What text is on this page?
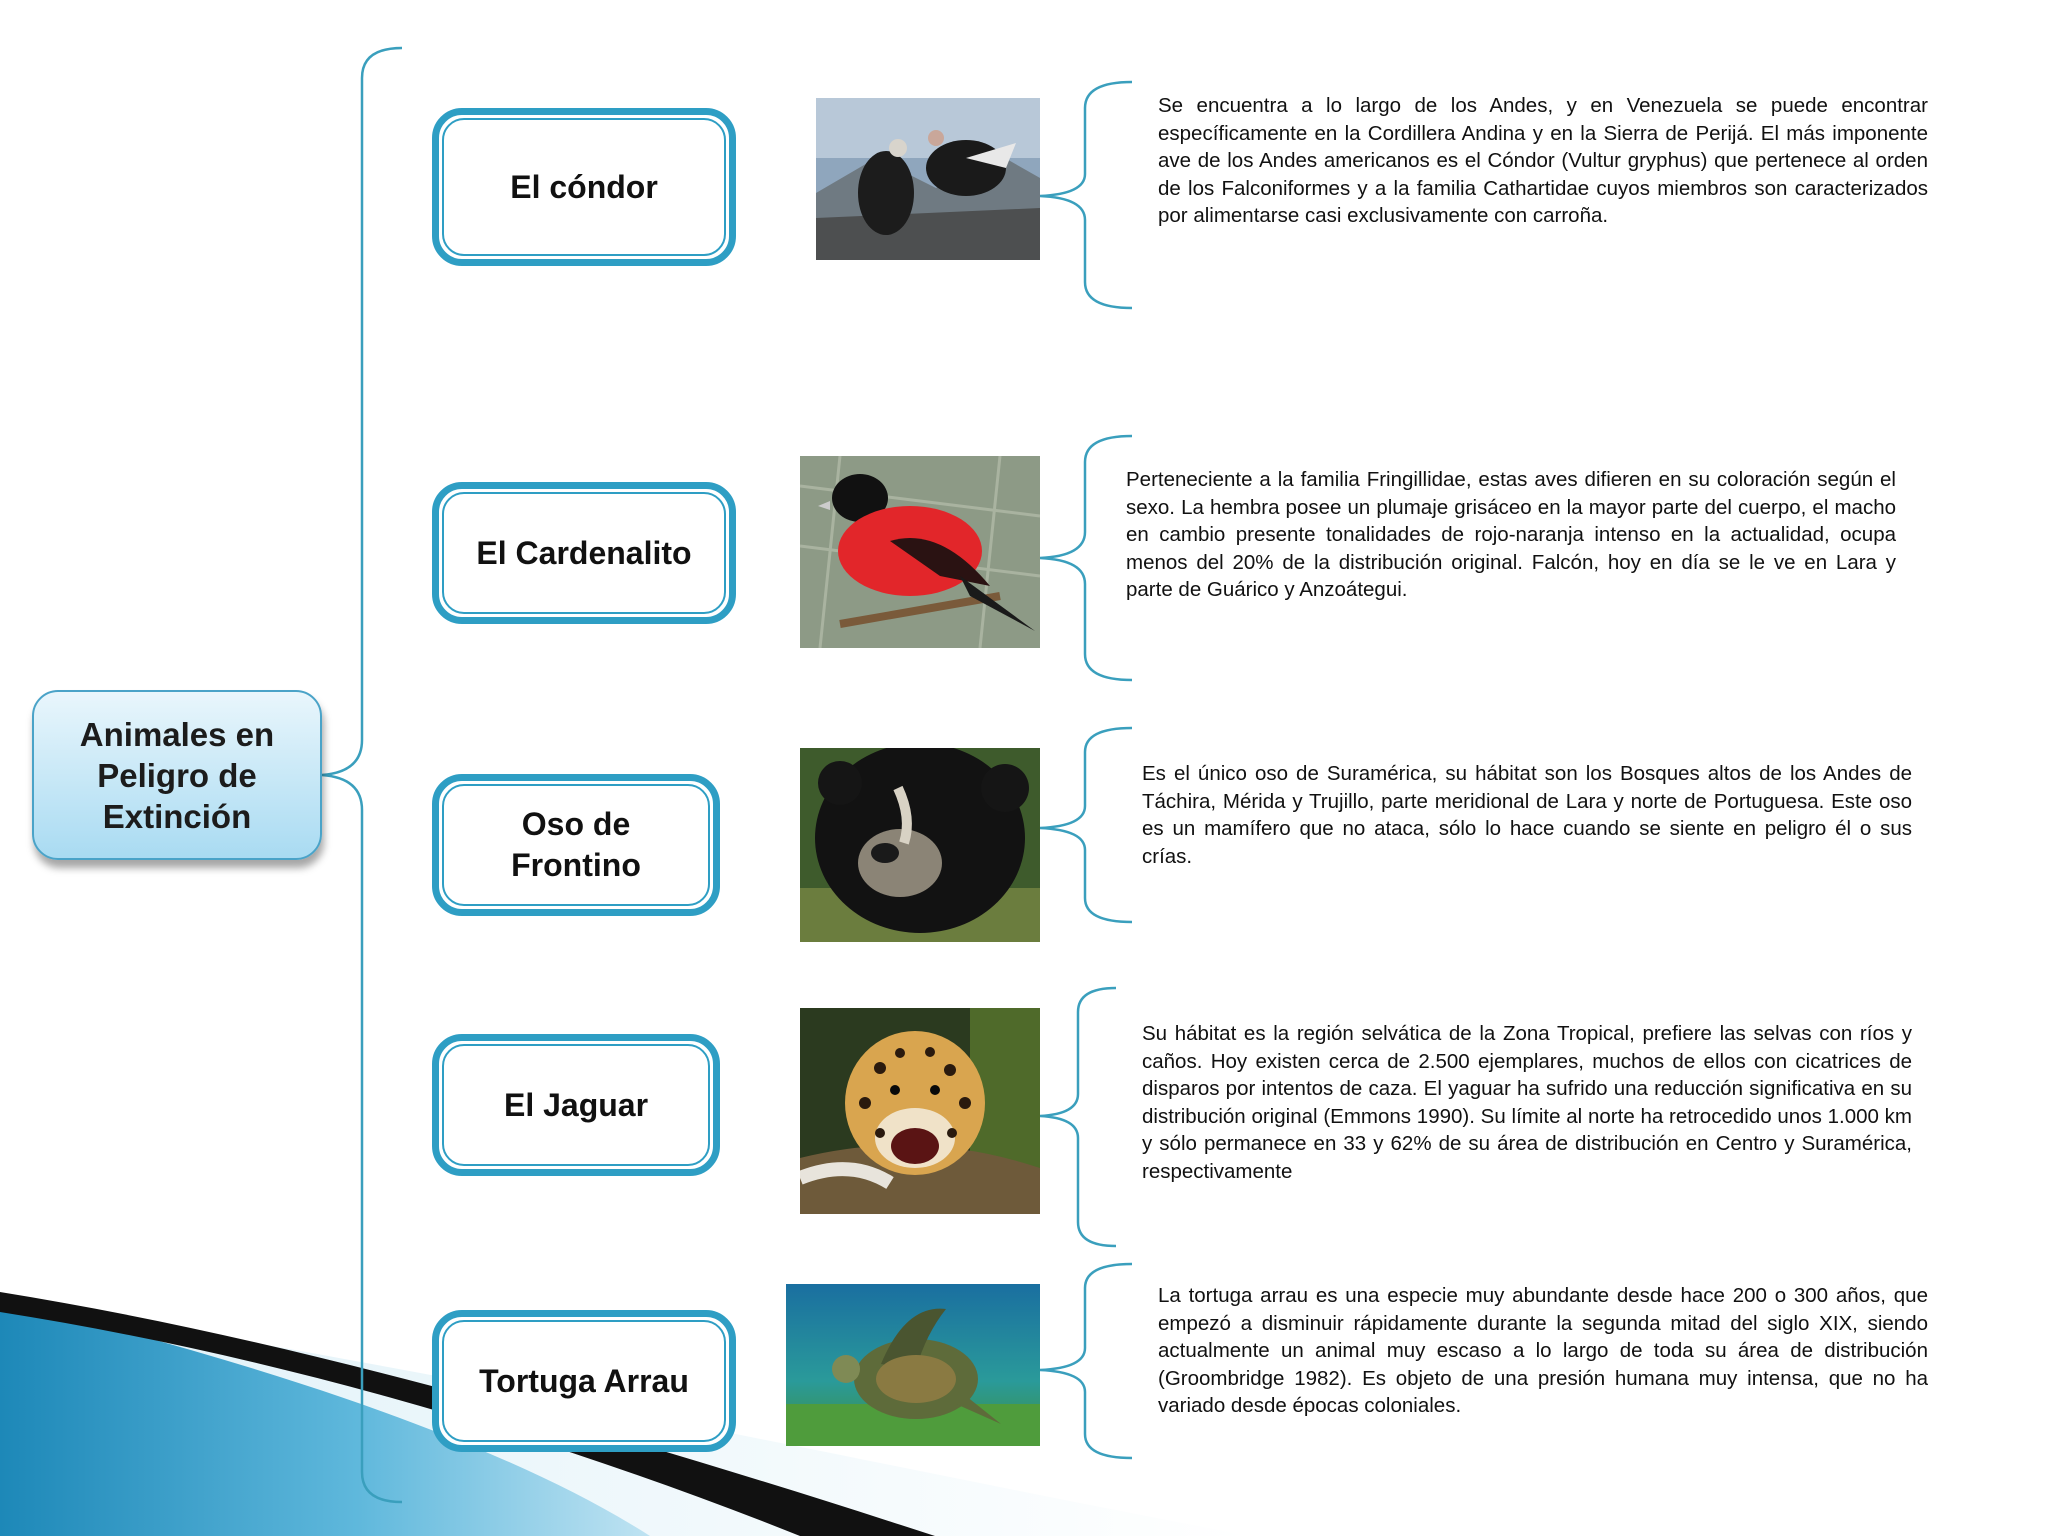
Animales en Peligro de Extinción
El cóndor
El Cardenalito
Oso de Frontino
El Jaguar
Tortuga Arrau
Se encuentra a lo largo de los Andes, y en Venezuela se puede encontrar específicamente en la Cordillera Andina y en la Sierra de Perijá. El más imponente ave de los Andes americanos es el Cóndor (Vultur gryphus) que pertenece al orden de los Falconiformes y a la familia Cathartidae cuyos miembros son caracterizados por alimentarse casi exclusivamente con carroña.
Perteneciente a la familia Fringillidae, estas aves difieren en su coloración según el sexo. La hembra posee un plumaje grisáceo en la mayor parte del cuerpo, el macho en cambio presente tonalidades de rojo-naranja intenso en la actualidad, ocupa menos del 20% de la distribución original. Falcón, hoy en día se le ve en Lara y parte de Guárico y Anzoátegui.
Es el único oso de Suramérica, su hábitat son los Bosques altos de los Andes de Táchira, Mérida y Trujillo, parte meridional de Lara y norte de Portuguesa. Este oso es un mamífero que no ataca, sólo lo hace cuando se siente en peligro él o sus crías.
Su hábitat es la región selvática de la Zona Tropical, prefiere las selvas con ríos y caños. Hoy existen cerca de 2.500 ejemplares, muchos de ellos con cicatrices de disparos por intentos de caza. El yaguar ha sufrido una reducción significativa en su distribución original (Emmons 1990). Su límite al norte ha retrocedido unos 1.000 km y sólo permanece en 33 y 62% de su área de distribución en Centro y Suramérica, respectivamente
La tortuga arrau es una especie muy abundante desde hace 200 o 300 años, que empezó a disminuir rápidamente durante la segunda mitad del siglo XIX, siendo actualmente un animal muy escaso a lo largo de toda su área de distribución (Groombridge 1982). Es objeto de una presión humana muy intensa, que no ha variado desde épocas coloniales.
